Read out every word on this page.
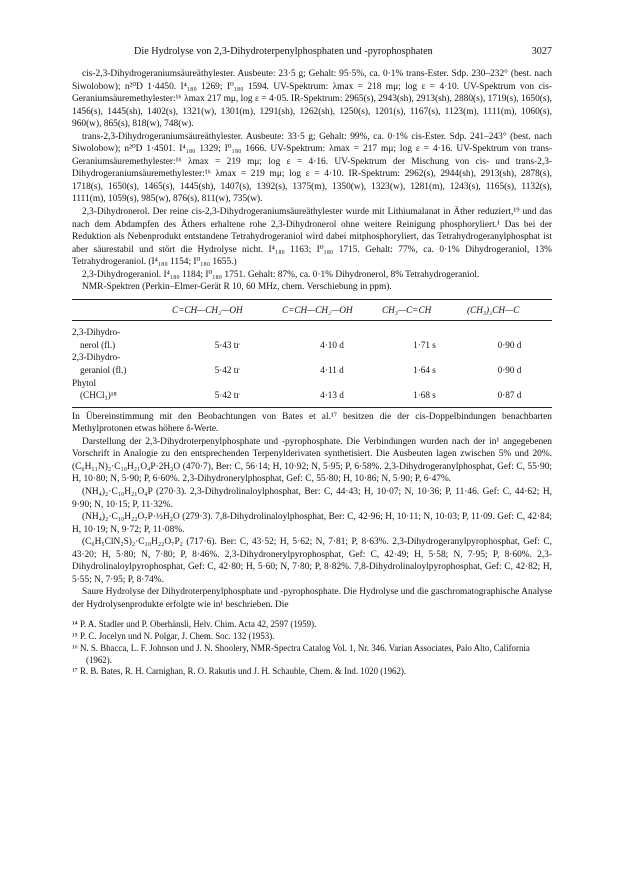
Die Hydrolyse von 2,3-Dihydroterpenylphosphaten und -pyrophosphaten	3027

cis-2,3-Dihydrogeraniumsäureäthylester. Ausbeute: 23·5 g; Gehalt: 95·5%, ca. 0·1% trans-Ester. Sdp. 230–232° (best. nach Siwolobow); n²⁰D 1·4450. I⁴₁₈₀ 1269; I⁰₁₈₀ 1594. UV-Spektrum: λmax = 218 mμ; log ε = 4·10. UV-Spektrum von cis-Geraniumsäuremethylester:¹⁶ λmax 217 mμ, log ε = 4·05. IR-Spektrum: 2965(s), 2943(sh), 2913(sh), 2880(s), 1719(s), 1650(s), 1456(s), 1445(sh), 1402(s), 1321(w), 1301(m), 1291(sh), 1262(sh), 1250(s), 1201(s), 1167(s), 1123(m), 1111(m), 1060(s), 960(w), 865(s), 818(w), 748(w).

trans-2,3-Dihydrogeraniumsäureäthylester. Ausbeute: 33·5 g; Gehalt: 99%, ca. 0·1% cis-Ester. Sdp. 241–243° (best. nach Siwolobow); n²⁰D 1·4501. I⁴₁₈₀ 1329; I⁰₁₈₀ 1666. UV-Spektrum: λmax = 217 mμ; log ε = 4·16. UV-Spektrum von trans-Geraniumsäuremethylester:¹⁶ λmax = 219 mμ; log ε = 4·16. UV-Spektrum der Mischung von cis- und trans-2,3-Dihydrogeraniumsäuremethylester:¹⁶ λmax = 219 mμ; log ε = 4·10. IR-Spektrum: 2962(s), 2944(sh), 2913(sh), 2878(s), 1718(s), 1650(s), 1465(s), 1445(sh), 1407(s), 1392(s), 1375(m), 1350(w), 1323(w), 1281(m), 1243(s), 1165(s), 1132(s), 1111(m), 1059(s), 985(w), 876(s), 811(w), 735(w).

2,3-Dihydronerol. Der reine cis-2,3-Dihydrogeraniumsäureäthylester wurde mit Lithiumalanat in Äther reduziert,¹⁹ und das nach dem Abdampfen des Äthers erhaltene rohe 2,3-Dihydronerol ohne weitere Reinigung phosphoryliert.¹ Das bei der Reduktion als Nebenprodukt entstandene Tetrahydrogeraniol wird dabei mitphosphoryliert, das Tetrahydrogeranylphosphat ist aber säurestabil und stört die Hydrolyse nicht. I⁴₁₈₀ 1163; I⁰₁₈₀ 1715. Gehalt: 77%, ca. 0·1% Dihydrogeraniol, 13% Tetrahydrogeraniol. (I⁴₁₈₀ 1154; I⁰₁₈₀ 1655.)

2,3-Dihydrogeraniol. I⁴₁₈₀ 1184; I⁰₁₈₀ 1751. Gehalt: 87%, ca. 0·1% Dihydronerol, 8% Tetrahydrogeraniol.

NMR-Spektren (Perkin–Elmer-Gerät R 10, 60 MHz, chem. Verschiebung in ppm).

	C=CH—CH₂—OH	C=CH—CH₂—OH	CH₃—C=CH	(CH₃)₂CH—C
2,3-Dihydro-
nerol (fl.)	5·43 tr	4·10 d	1·71 s	0·90 d
2,3-Dihydro-
geraniol (fl.)	5·42 tr	4·11 d	1·64 s	0·90 d
Phytol
(CHCl₃)¹⁸	5·42 tr	4·13 d	1·68 s	0·87 d

In Übereinstimmung mit den Beobachtungen von Bates et al.¹⁷ besitzen die der cis-Doppelbindungen benachbarten Methylprotonen etwas höhere δ-Werte.

Darstellung der 2,3-Dihydroterpenylphosphate und -pyrophosphate. Die Verbindungen wurden nach der in¹ angegebenen Vorschrift in Analogie zu den entsprechenden Terpenylderivaten synthetisiert. Die Ausbeuten lagen zwischen 5% und 20%. (C₆H₁₁N)₂·C₁₀H₂₁O₄P·2H₂O (470·7), Ber: C, 56·14; H, 10·92; N, 5·95; P, 6·58%. 2,3-Dihydrogeranylphosphat, Gef: C, 55·90; H, 10·80; N, 5·90; P, 6·60%. 2,3-Dihydronerylphosphat, Gef: C, 55·80; H, 10·86; N, 5·90; P, 6·47%.

(NH₄)₂·C₁₀H₂₁O₄P (270·3). 2,3-Dihydrolinaloylphosphat, Ber: C, 44·43; H, 10·07; N, 10·36; P, 11·46. Gef: C, 44·62; H, 9·90; N, 10·15; P, 11·32%.

(NH₄)₂·C₁₀H₂₂O₇P·½H₂O (279·3). 7,8-Dihydrolinaloylphosphat, Ber: C, 42·96; H, 10·11; N, 10·03; P, 11·09. Gef: C, 42·84; H, 10·19; N, 9·72; P, 11·08%.

(C₆H₅ClN₂S)₂·C₁₀H₂₂O₇P₂ (717·6). Ber: C, 43·52; H, 5·62; N, 7·81; P, 8·63%. 2,3-Dihydrogeranylpyrophosphat, Gef: C, 43·20; H, 5·80; N, 7·80; P, 8·46%. 2,3-Dihydronerylpyrophosphat, Gef: C, 42·49; H, 5·58; N, 7·95; P, 8·60%. 2,3-Dihydrolinaloylpyrophosphat, Gef: C, 42·80; H, 5·60; N, 7·80; P, 8·82%. 7,8-Dihydrolinaloylpyrophosphat, Gef: C, 42·82; H, 5·55; N, 7·95; P, 8·74%.

Saure Hydrolyse der Dihydroterpenylphosphate und -pyrophosphate. Die Hydrolyse und die gaschromatographische Analyse der Hydrolysenprodukte erfolgte wie in¹ beschrieben. Die

¹⁴ P. A. Stadler und P. Oberhänsli, Helv. Chim. Acta 42, 2597 (1959).
¹⁵ P. C. Jocelyn und N. Polgar, J. Chem. Soc. 132 (1953).
¹⁶ N. S. Bhacca, L. F. Johnson und J. N. Shoolery, NMR-Spectra Catalog Vol. 1, Nr. 346. Varian Associates, Palo Alto, California (1962).
¹⁷ R. B. Bates, R. H. Carnighan, R. O. Rakutis und J. H. Schauble, Chem. & Ind. 1020 (1962).
